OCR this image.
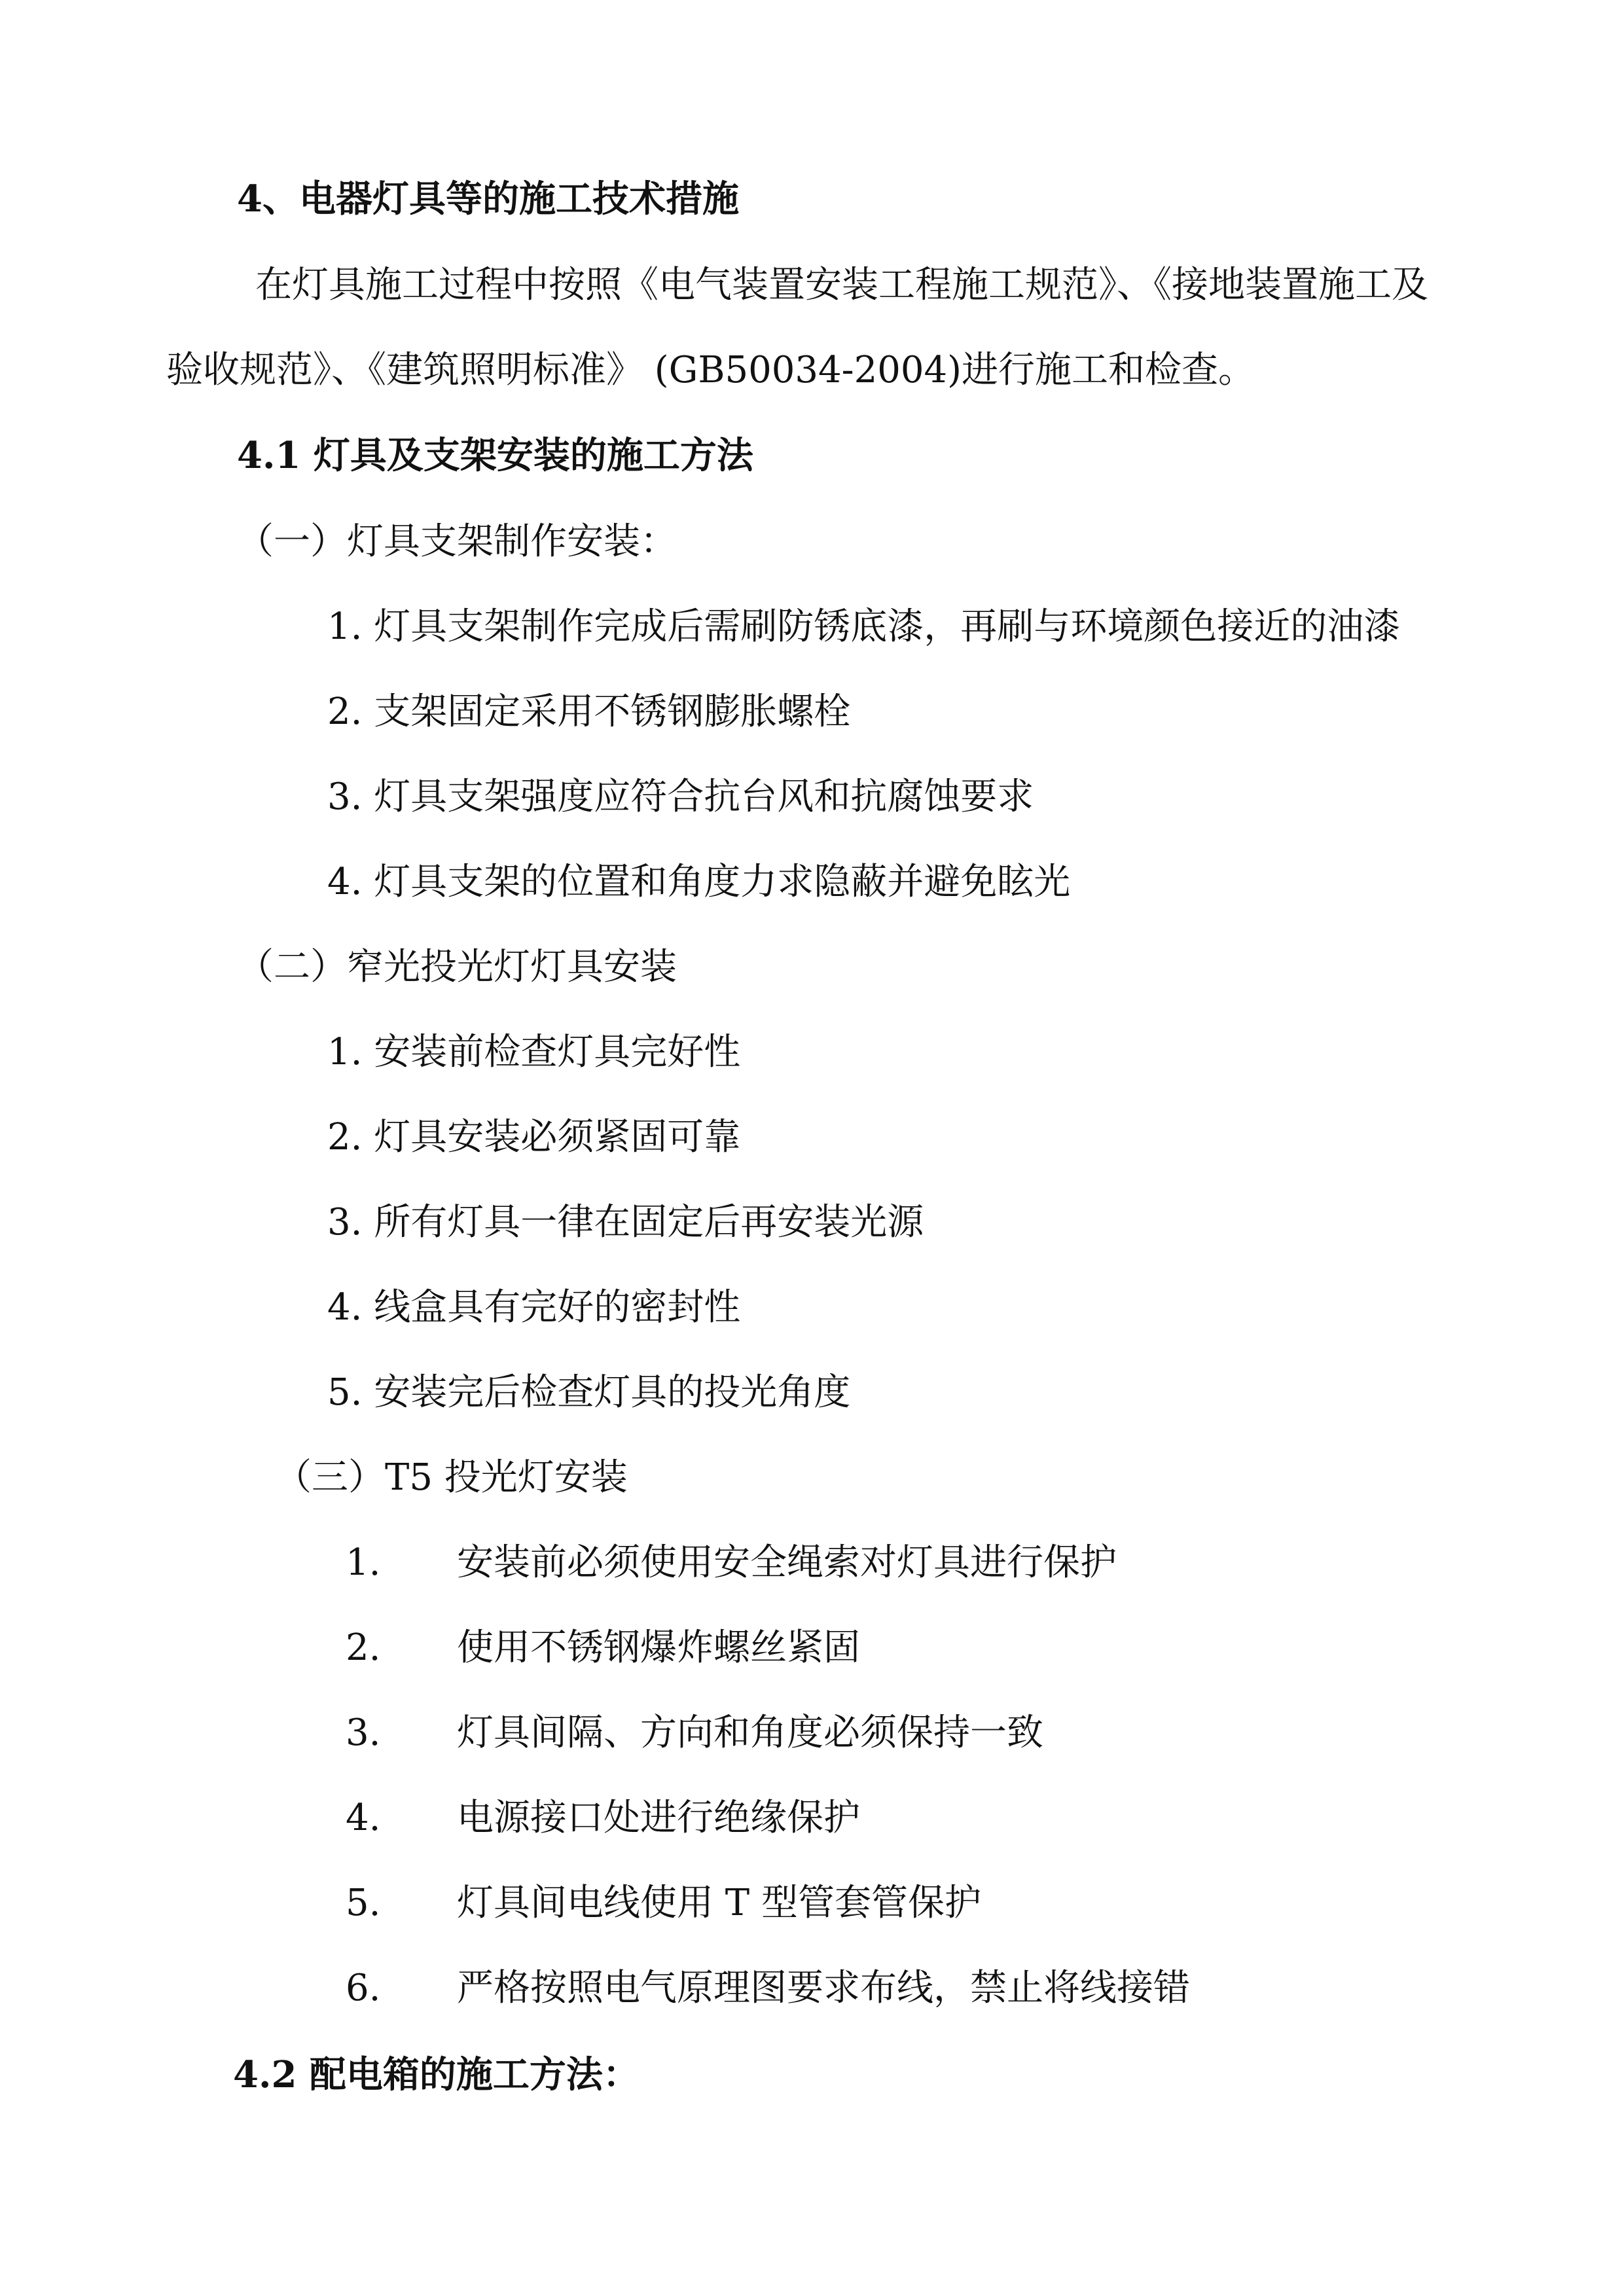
4、电器灯具等的施工技术措施
在灯具施工过程中按照《电气装置安装工程施工规范》、《接地装置施工及
验收规范》、《建筑照明标准》 (GB50034-2004)进行施工和检查。
4.1 灯具及支架安装的施工方法
（一）灯具支架制作安装：
1. 灯具支架制作完成后需刷防锈底漆，再刷与环境颜色接近的油漆
2. 支架固定采用不锈钢膨胀螺栓
3. 灯具支架强度应符合抗台风和抗腐蚀要求
4. 灯具支架的位置和角度力求隐蔽并避免眩光
（二）窄光投光灯灯具安装
1. 安装前检查灯具完好性
2. 灯具安装必须紧固可靠
3. 所有灯具一律在固定后再安装光源
4. 线盒具有完好的密封性
5. 安装完后检查灯具的投光角度
（三）T5 投光灯安装
1. 安装前必须使用安全绳索对灯具进行保护
2. 使用不锈钢爆炸螺丝紧固
3. 灯具间隔、方向和角度必须保持一致
4. 电源接口处进行绝缘保护
5. 灯具间电线使用 T 型管套管保护
6. 严格按照电气原理图要求布线，禁止将线接错
4.2 配电箱的施工方法：
